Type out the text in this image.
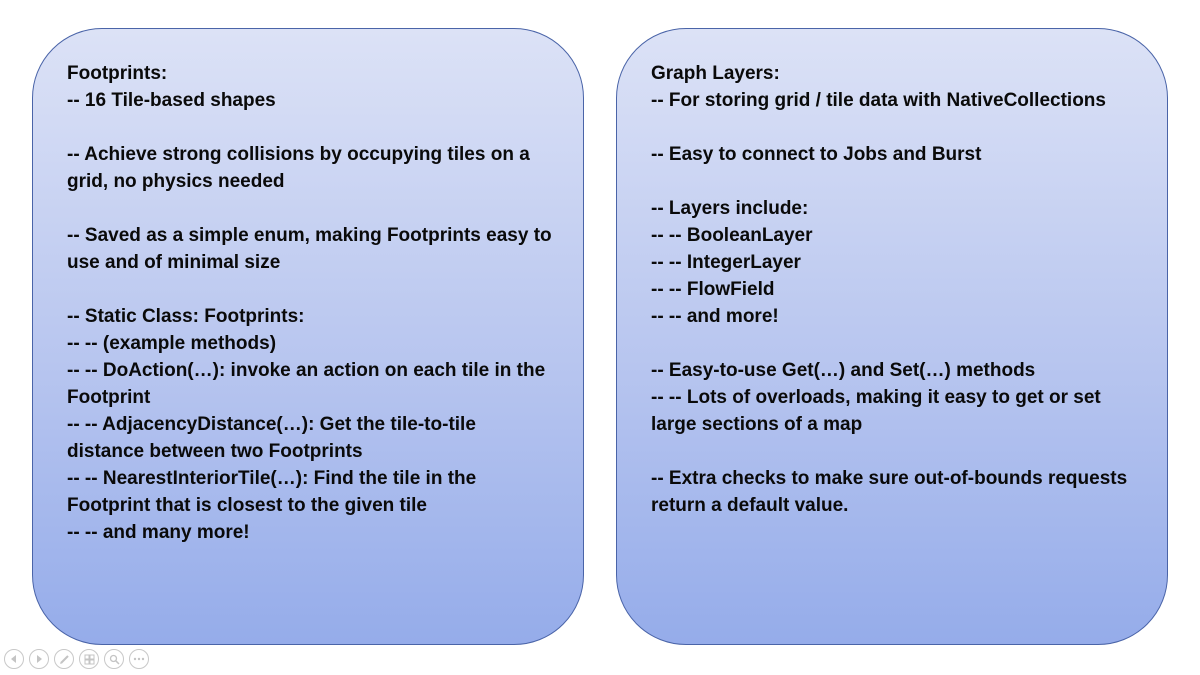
Footprints:
-- 16 Tile-based shapes

-- Achieve strong collisions by occupying tiles on a grid, no physics needed

-- Saved as a simple enum, making Footprints easy to use and of minimal size

-- Static Class: Footprints:
-- -- (example methods)
-- -- DoAction(…): invoke an action on each tile in the Footprint
-- -- AdjacencyDistance(…): Get the tile-to-tile distance between two Footprints
-- -- NearestInteriorTile(…): Find the tile in the Footprint that is closest to the given tile
-- -- and many more!
Graph Layers:
-- For storing grid / tile data with NativeCollections

-- Easy to connect to Jobs and Burst

-- Layers include:
-- -- BooleanLayer
-- -- IntegerLayer
-- -- FlowField
-- -- and more!

-- Easy-to-use Get(…) and Set(…) methods
-- -- Lots of overloads, making it easy to get or set large sections of a map

-- Extra checks to make sure out-of-bounds requests return a default value.
